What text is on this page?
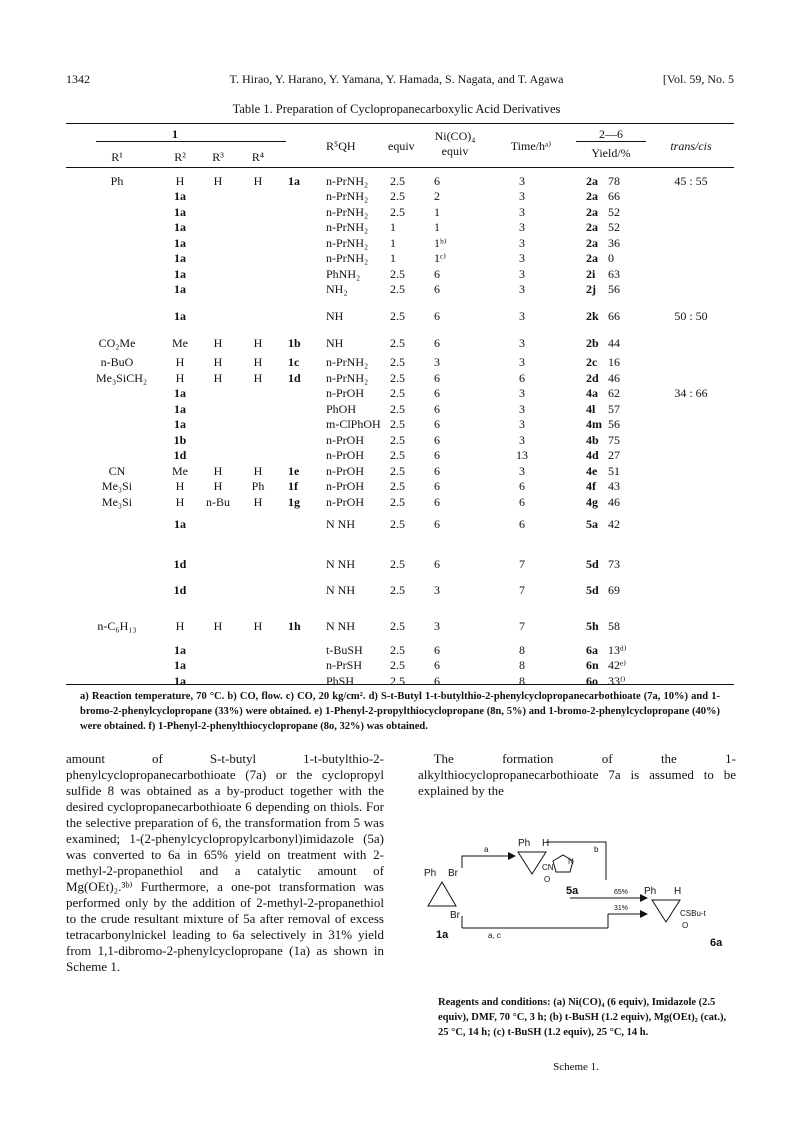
1342	T. Hirao, Y. Harano, Y. Yamana, Y. Hamada, S. Nagata, and T. Agawa	[Vol. 59, No. 5
Table 1. Preparation of Cyclopropanecarboxylic Acid Derivatives
1
R¹	R²	R³	R⁴
R⁵QH	equiv
Ni(CO)₄
equiv	Time/hᵃ⁾
2—6
Yield/%	trans/cis
Ph	H	H	H	1a	n-PrNH₂	2.5	6	3	2a 78	45 : 55
1a	n-PrNH₂	2.5	2	3	2a 66
1a	n-PrNH₂	2.5	1	3	2a 52
1a	n-PrNH₂	1	1	3	2a 52
1a	n-PrNH₂	1	1ᵇ⁾	3	2a 36
1a	n-PrNH₂	1	1ᶜ⁾	3	2a 0
1a	PhNH₂	2.5	6	3	2i	63
1a	NH₂	2.5	6	3	2j	56
1a	NH	2.5	6	3	2k 66	50 : 50
CO₂Me	Me	H	H	1b	NH	2.5	6	3	2b 44
n-BuO	H	H	H	1c	n-PrNH₂	2.5	3	3	2c 16
Me₃SiCH₂	H	H	H	1d	n-PrNH₂	2.5	6	6	2d 46
1a	n-PrOH	2.5	6	3	4a 62	34 : 66
1a	PhOH	2.5	6	3	4l	57
1a	m-ClPhOH 2.5	6	3	4m 56
1b	n-PrOH	2.5	6	3	4b 75
1d	n-PrOH	2.5	6	13	4d 27
CN	Me	H	H	1e	n-PrOH	2.5	6	3	4e 51
Me₃Si	H	H	Ph	1f	n-PrOH	2.5	6	6	4f	43
Me₃Si	H	n-Bu	H	1g	n-PrOH	2.5	6	6	4g 46
1a	N NH	2.5	6	6	5a 42
1d	N NH	2.5	6	7	5d 73
1d	N NH	2.5	3	7	5d 69
n-C₆H₁₃	H	H	H	1h	N NH	2.5	3	7	5h 58
1a	t-BuSH	2.5	6	8	6a 13ᵈ⁾
1a	n-PrSH	2.5	6	8	6n 42ᵉ⁾
1a	PhSH	2.5	6	8	6o 33ᶠ⁾
a) Reaction temperature, 70 °C. b) CO, flow. c) CO, 20 kg/cm². d) S-t-Butyl 1-t-butylthio-2-phenylcyclopropanecarbothioate (7a, 10%) and 1-bromo-2-phenylcyclopropane (33%) were obtained. e) 1-Phenyl-2-propylthiocyclopropane (8n, 5%) and 1-bromo-2-phenylcyclopropane (40%) were obtained. f) 1-Phenyl-2-phenylthiocyclopropane (8o, 32%) was obtained.
amount of S-t-butyl 1-t-butylthio-2-phenylcyclopropanecarbothioate (7a) or the cyclopropyl sulfide 8 was obtained as a by-product together with the desired cyclopropanecarbothioate 6 depending on thiols. For the selective preparation of 6, the transformation from 5 was examined; 1-(2-phenylcyclopropylcarbonyl)imidazole (5a) was converted to 6a in 65% yield on treatment with 2-methyl-2-propanethiol and a catalytic amount of Mg(OEt)₂.³ᵇ⁾ Furthermore, a one-pot transformation was performed only by the addition of 2-methyl-2-propanethiol to the crude resultant mixture of 5a after removal of excess tetracarbonylnickel leading to 6a selectively in 31% yield from 1,1-dibromo-2-phenylcyclopropane (1a) as shown in Scheme 1.
The formation of the 1-alkylthiocyclopropanecarbothioate 7a is assumed to be explained by the
Ph Br
Br
1a
Ph H
N
CN
O
5a	Ph H
CSBu-t
O
6a
a	b
a, c
65%
31%
Reagents and conditions: (a) Ni(CO)₄ (6 equiv), Imidazole (2.5 equiv), DMF, 70 °C, 3 h; (b) t-BuSH (1.2 equiv), Mg(OEt)₂ (cat.), 25 °C, 14 h; (c) t-BuSH (1.2 equiv), 25 °C, 14 h.
Scheme 1.
